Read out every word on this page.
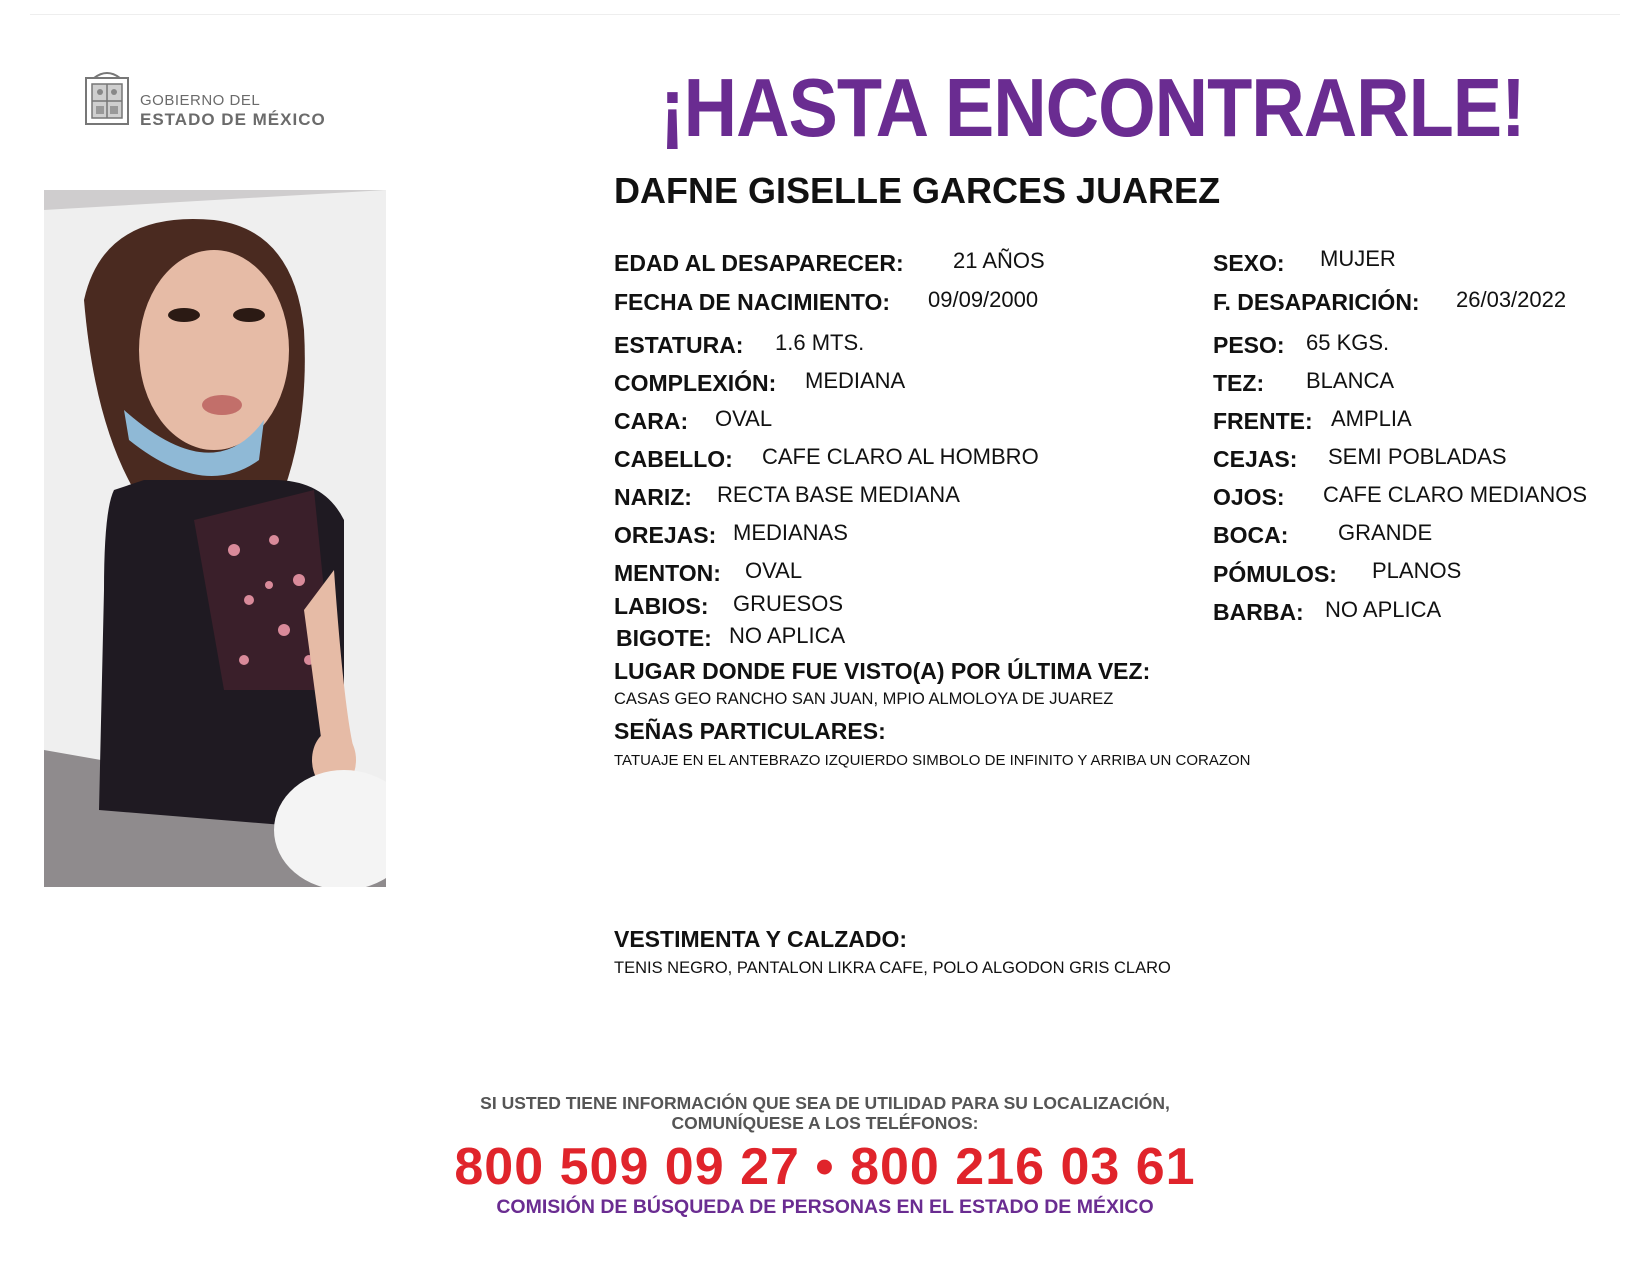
GOBIERNO DEL
ESTADO DE MÉXICO	¡HASTA ENCONTRARLE!
DAFNE GISELLE GARCES JUAREZ
EDAD AL DESAPARECER: 21 AÑOS
FECHA DE NACIMIENTO: 09/09/2000
ESTATURA: 1.6 MTS.
COMPLEXIÓN: MEDIANA
CARA: OVAL
CABELLO: CAFE CLARO AL HOMBRO
NARIZ: RECTA BASE MEDIANA
OREJAS: MEDIANAS
MENTON: OVAL
LABIOS: GRUESOS
BIGOTE: NO APLICA
SEXO: MUJER
F. DESAPARICIÓN: 26/03/2022
PESO: 65 KGS.
TEZ: BLANCA
FRENTE: AMPLIA
CEJAS: SEMI POBLADAS
OJOS: CAFE CLARO MEDIANOS
BOCA: GRANDE
PÓMULOS: PLANOS
BARBA: NO APLICA
LUGAR DONDE FUE VISTO(A) POR ÚLTIMA VEZ:
CASAS GEO RANCHO SAN JUAN, MPIO ALMOLOYA DE JUAREZ
SEÑAS PARTICULARES:
TATUAJE EN EL ANTEBRAZO IZQUIERDO SIMBOLO DE INFINITO Y ARRIBA UN CORAZON
VESTIMENTA Y CALZADO:
TENIS NEGRO, PANTALON LIKRA CAFE, POLO ALGODON GRIS CLARO
SI USTED TIENE INFORMACIÓN QUE SEA DE UTILIDAD PARA SU LOCALIZACIÓN,
COMUNÍQUESE A LOS TELÉFONOS:
800 509 09 27 • 800 216 03 61
COMISIÓN DE BÚSQUEDA DE PERSONAS EN EL ESTADO DE MÉXICO
